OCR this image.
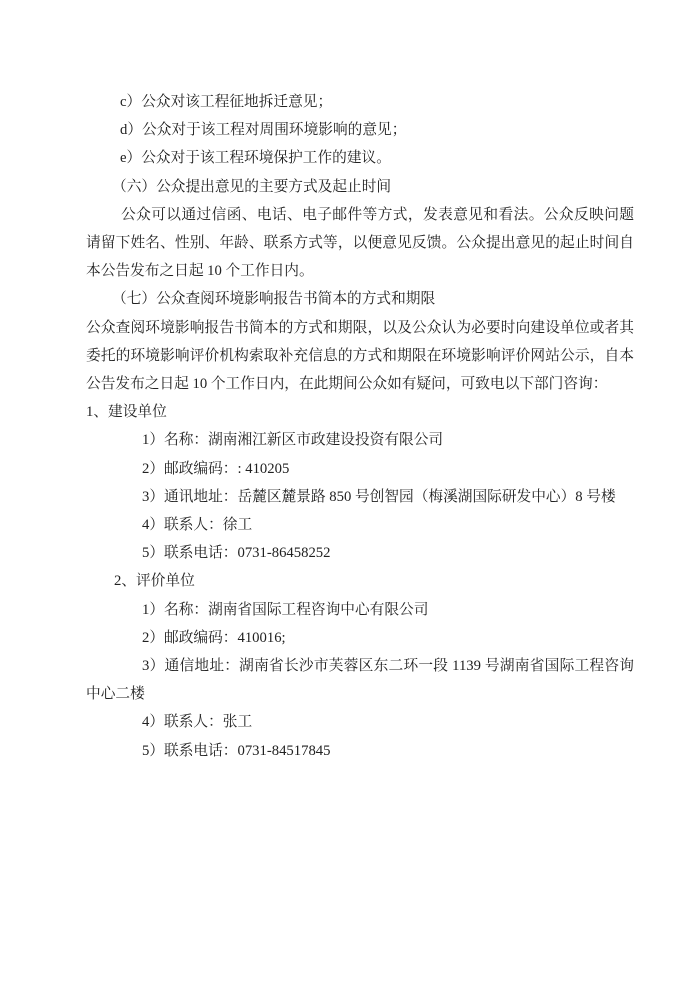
c）公众对该工程征地拆迁意见；

d）公众对于该工程对周围环境影响的意见；

e）公众对于该工程环境保护工作的建议。

（六）公众提出意见的主要方式及起止时间

公众可以通过信函、电话、电子邮件等方式，发表意见和看法。公众反映问题请留下姓名、性别、年龄、联系方式等，以便意见反馈。公众提出意见的起止时间自本公告发布之日起 10 个工作日内。

（七）公众查阅环境影响报告书简本的方式和期限

公众查阅环境影响报告书简本的方式和期限，以及公众认为必要时向建设单位或者其委托的环境影响评价机构索取补充信息的方式和期限在环境影响评价网站公示，自本公告发布之日起 10 个工作日内，在此期间公众如有疑问，可致电以下部门咨询：

1、建设单位

1）名称：湖南湘江新区市政建设投资有限公司

2）邮政编码：: 410205

3）通讯地址：岳麓区麓景路 850 号创智园（梅溪湖国际研发中心）8 号楼

4）联系人：徐工

5）联系电话：0731-86458252

2、评价单位

1）名称：湖南省国际工程咨询中心有限公司

2）邮政编码：410016;

3）通信地址：湖南省长沙市芙蓉区东二环一段 1139 号湖南省国际工程咨询中心二楼

4）联系人：张工

5）联系电话：0731-84517845
